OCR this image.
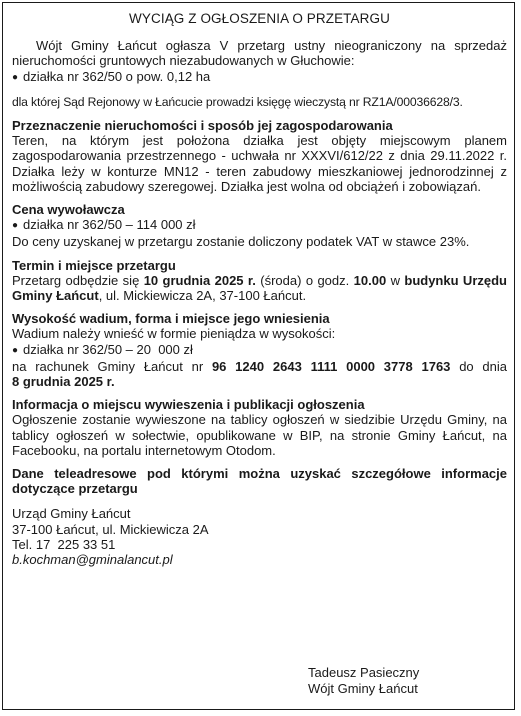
WYCIĄG Z OGŁOSZENIA O PRZETARGU

Wójt Gminy Łańcut ogłasza V przetarg ustny nieograniczony na sprzedaż nieruchomości gruntowych niezabudowanych w Głuchowie:

● działka nr 362/50 o pow. 0,12 ha

dla której Sąd Rejonowy w Łańcucie prowadzi księgę wieczystą nr RZ1A/00036628/3.

Przeznaczenie nieruchomości i sposób jej zagospodarowania

Teren, na którym jest położona działka jest objęty miejscowym planem zagospodarowania przestrzennego - uchwała nr XXXVI/612/22 z dnia 29.11.2022 r. Działka leży w konturze MN12 - teren zabudowy mieszkaniowej jednorodzinnej z możliwością zabudowy szeregowej. Działka jest wolna od obciążeń i zobowiązań.

Cena wywoławcza

● działka nr 362/50 – 114 000 zł

Do ceny uzyskanej w przetargu zostanie doliczony podatek VAT w stawce 23%.

Termin i miejsce przetargu

Przetarg odbędzie się 10 grudnia 2025 r. (środa) o godz. 10.00 w budynku Urzędu Gminy Łańcut, ul. Mickiewicza 2A, 37-100 Łańcut.

Wysokość wadium, forma i miejsce jego wniesienia

Wadium należy wnieść w formie pieniądza w wysokości:

● działka nr 362/50 – 20  000 zł

na rachunek Gminy Łańcut nr 96 1240 2643 1111 0000 3778 1763 do dnia 8 grudnia 2025 r.

Informacja o miejscu wywieszenia i publikacji ogłoszenia

Ogłoszenie zostanie wywieszone na tablicy ogłoszeń w siedzibie Urzędu Gminy, na tablicy ogłoszeń w sołectwie, opublikowane w BIP, na stronie Gminy Łańcut, na Facebooku, na portalu internetowym Otodom.

Dane teleadresowe pod którymi można uzyskać szczegółowe informacje dotyczące przetargu

Urząd Gminy Łańcut

37-100 Łańcut, ul. Mickiewicza 2A

Tel. 17  225 33 51

b.kochman@gminalancut.pl

Tadeusz Pasieczny

Wójt Gminy Łańcut
